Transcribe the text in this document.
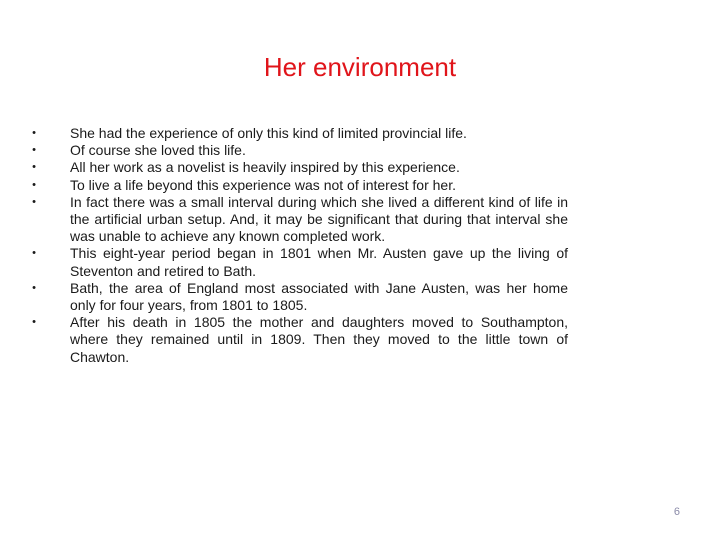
Her environment
• She had the experience of only this kind of limited provincial life.
• Of course she loved this life.
• All her work as a novelist is heavily inspired by this experience.
• To live a life beyond this experience was not of interest for her.
• In fact there was a small interval during which she lived a different kind of life in the artificial urban setup. And, it may be significant that during that interval she was unable to achieve any known completed work.
• This eight-year period began in 1801 when Mr. Austen gave up the living of Steventon and retired to Bath.
• Bath, the area of England most associated with Jane Austen, was her home only for four years, from 1801 to 1805.
• After his death in 1805 the mother and daughters moved to Southampton, where they remained until in 1809. Then they moved to the little town of Chawton.
6
